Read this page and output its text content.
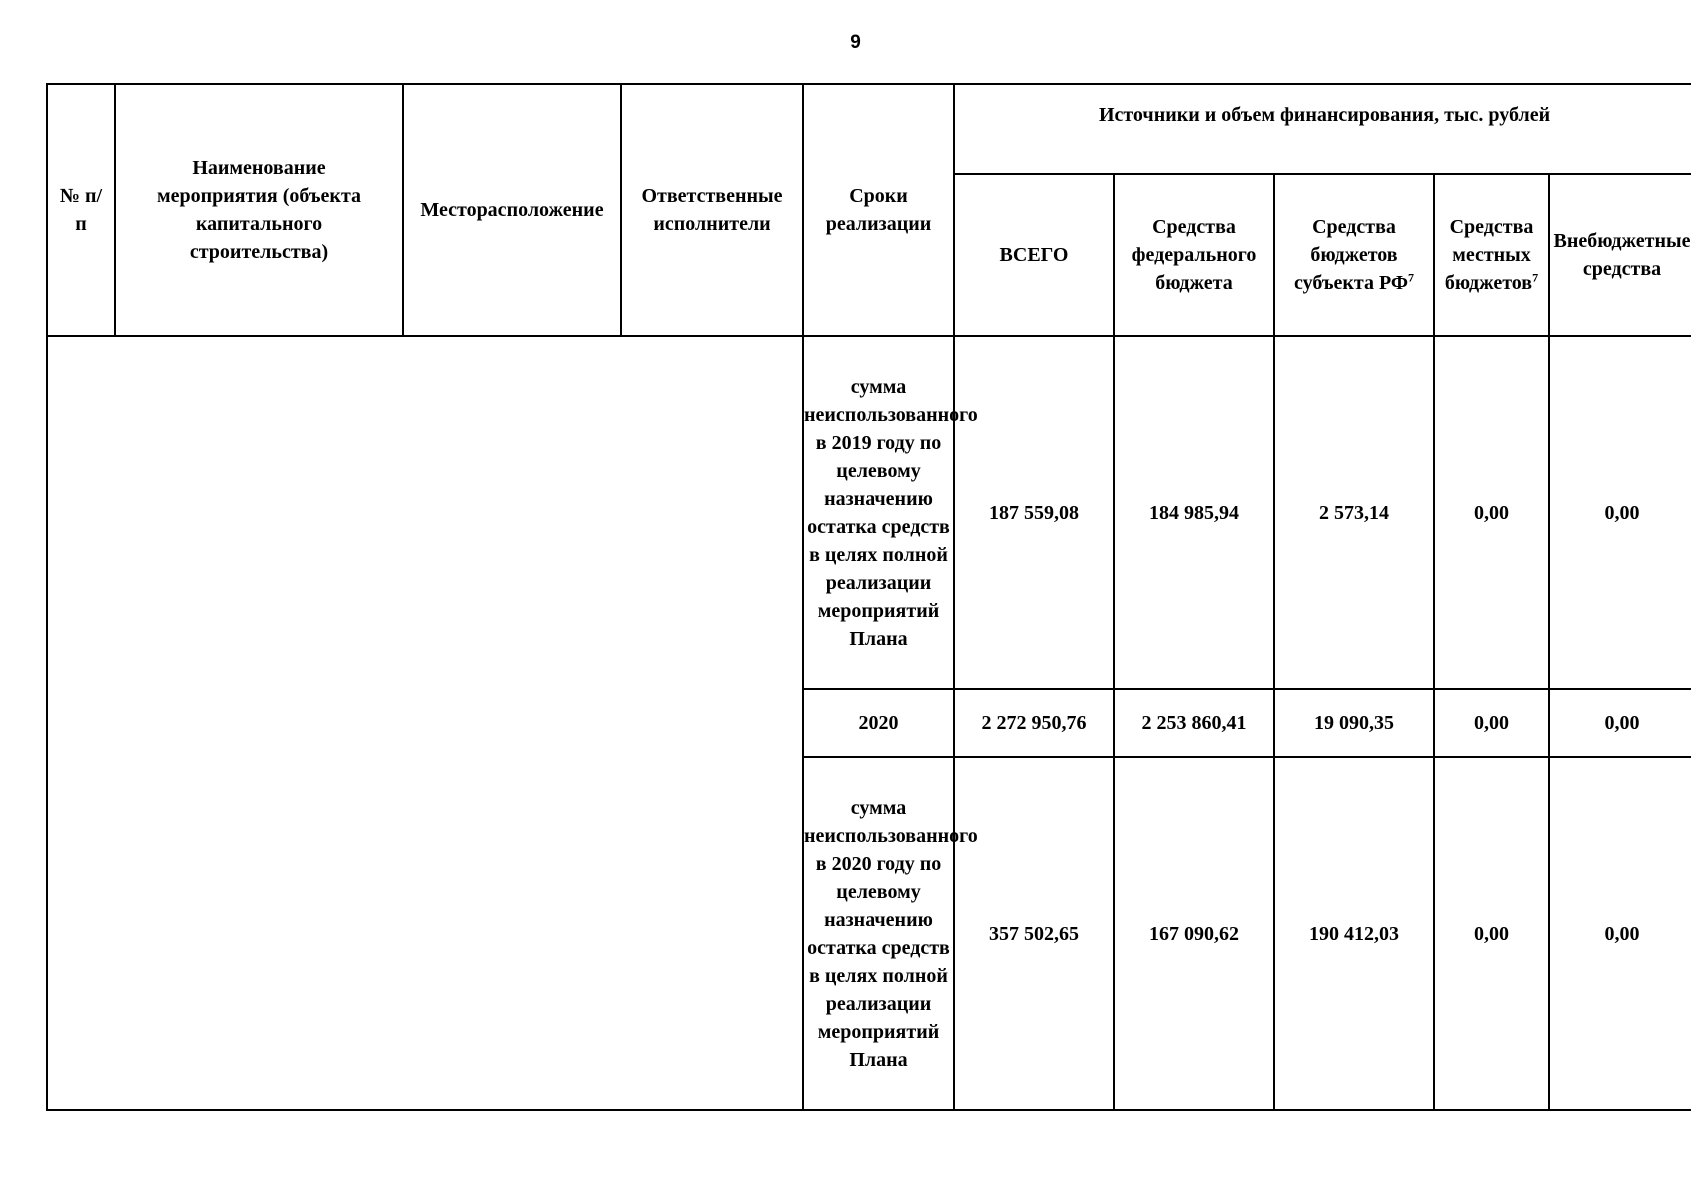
9
№ п/п	Наименование мероприятия (объекта капитального строительства)	Месторасположение	Ответственные исполнители	Сроки реализации	Источники и объем финансирования, тыс. рублей				
					ВСЕГО	Средства федерального бюджета	Средства бюджетов субъекта $РФ^7$	Средства местных бюджетов$^7$	Внебюджетные средства
				сумма неиспользованного в 2019 году по целевому назначению остатка средств в целях полной реализации мероприятий Плана	187 559,08	184 985,94	2 573,14	0,00	0,00
				2020	2 272 950,76	2 253 860,41	19 090,35	0,00	0,00
				сумма неиспользованного в 2020 году по целевому назначению остатка средств в целях полной реализации мероприятий Плана	357 502,65	167 090,62	190 412,03	0,00	0,00
